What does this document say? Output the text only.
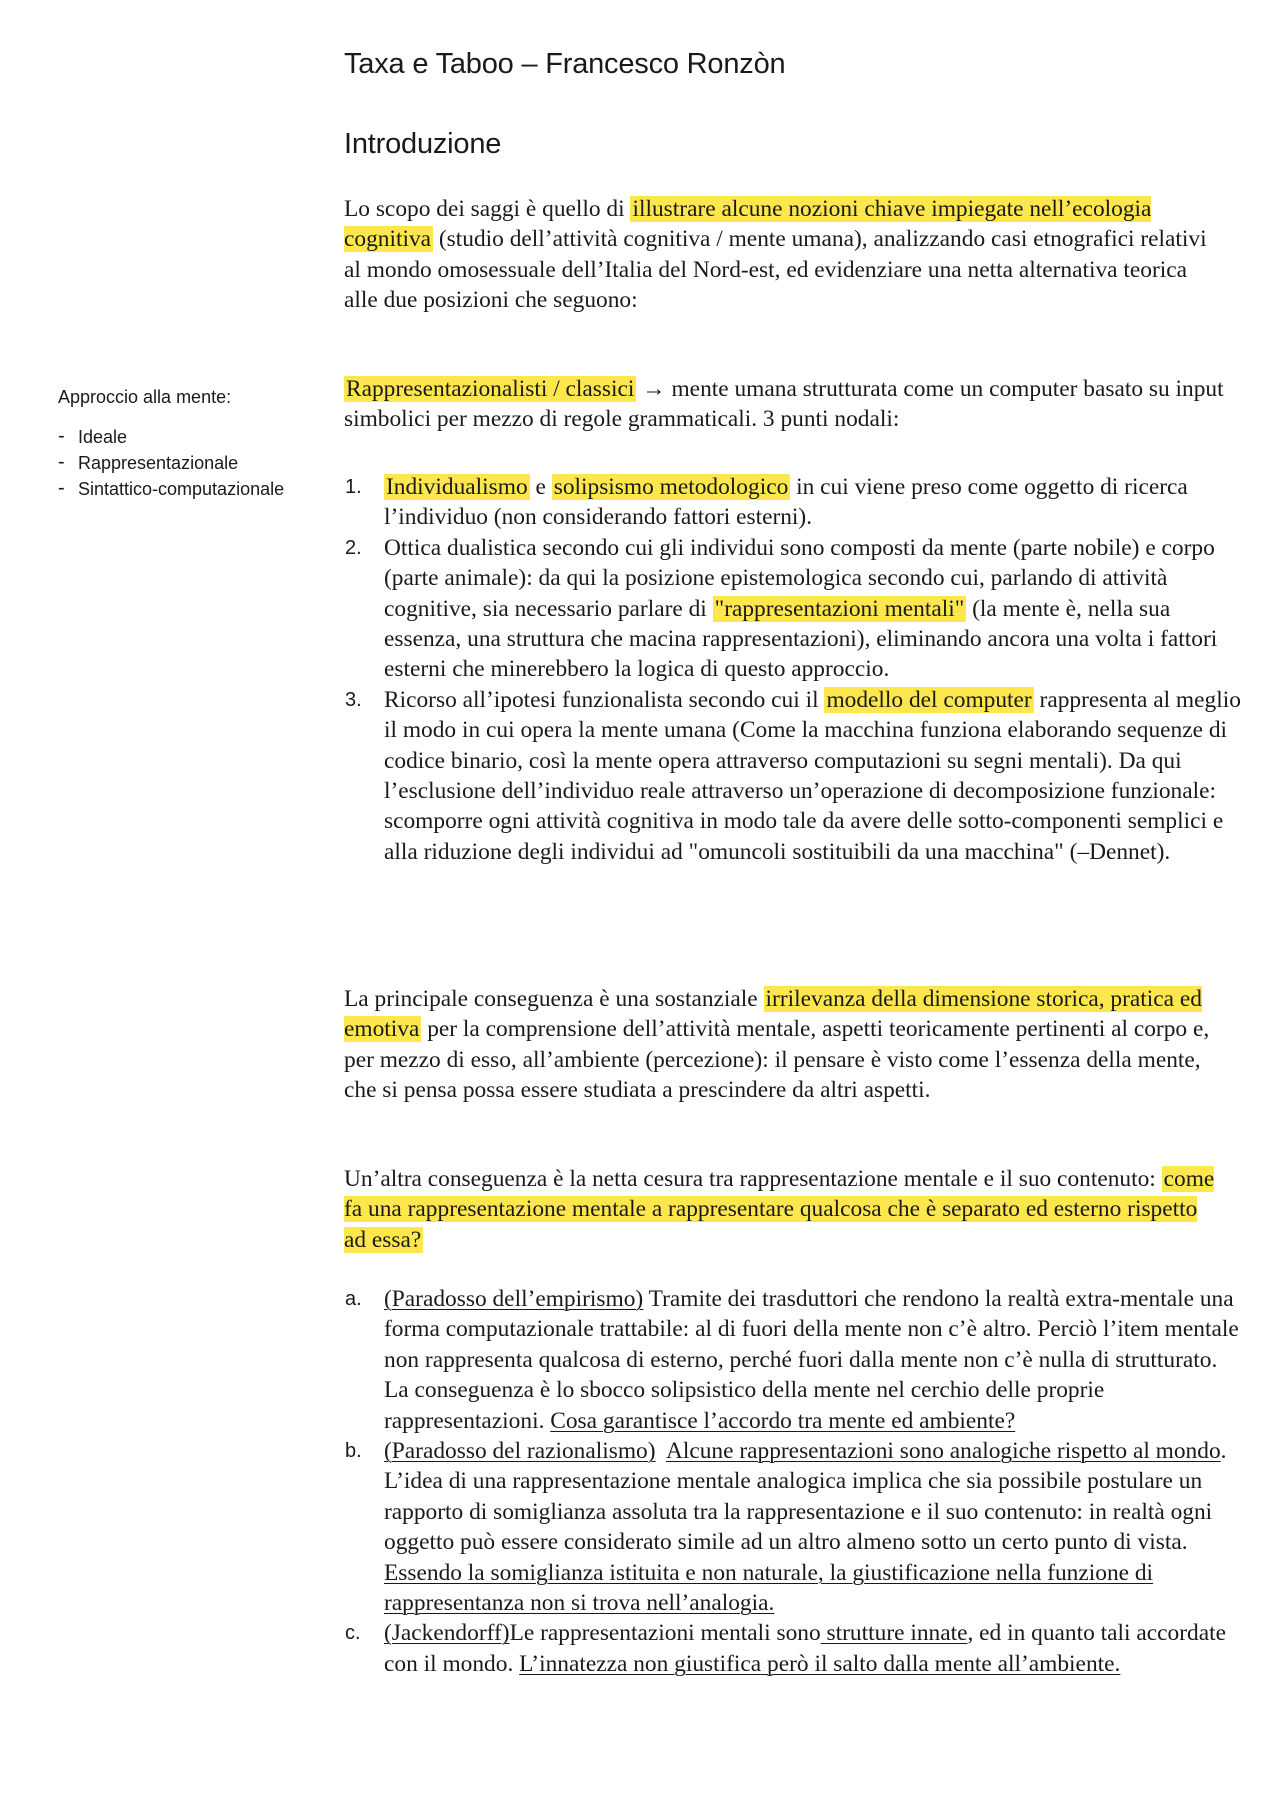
Taxa e Taboo – Francesco Ronzòn
Introduzione
Approccio alla mente:
- Ideale
- Rappresentazionale
- Sintattico-computazionale

Lo scopo dei saggi è quello di illustrare alcune nozioni chiave impiegate nell’ecologia cognitiva (studio dell’attività cognitiva / mente umana), analizzando casi etnografici relativi al mondo omosessuale dell’Italia del Nord-est, ed evidenziare una netta alternativa teorica alle due posizioni che seguono:

Rappresentazionalisti / classici → mente umana strutturata come un computer basato su input simbolici per mezzo di regole grammaticali. 3 punti nodali:

1. Individualismo e solipsismo metodologico in cui viene preso come oggetto di ricerca l’individuo (non considerando fattori esterni).
2. Ottica dualistica secondo cui gli individui sono composti da mente (parte nobile) e corpo (parte animale): da qui la posizione epistemologica secondo cui, parlando di attività cognitive, sia necessario parlare di "rappresentazioni mentali" (la mente è, nella sua essenza, una struttura che macina rappresentazioni), eliminando ancora una volta i fattori esterni che minerebbero la logica di questo approccio.
3. Ricorso all’ipotesi funzionalista secondo cui il modello del computer rappresenta al meglio il modo in cui opera la mente umana (Come la macchina funziona elaborando sequenze di codice binario, così la mente opera attraverso computazioni su segni mentali). Da qui l’esclusione dell’individuo reale attraverso un’operazione di decomposizione funzionale: scomporre ogni attività cognitiva in modo tale da avere delle sotto-componenti semplici e alla riduzione degli individui ad "omuncoli sostituibili da una macchina" (–Dennet).

La principale conseguenza è una sostanziale irrilevanza della dimensione storica, pratica ed emotiva per la comprensione dell’attività mentale, aspetti teoricamente pertinenti al corpo e, per mezzo di esso, all’ambiente (percezione): il pensare è visto come l’essenza della mente, che si pensa possa essere studiata a prescindere da altri aspetti.

Un’altra conseguenza è la netta cesura tra rappresentazione mentale e il suo contenuto: come fa una rappresentazione mentale a rappresentare qualcosa che è separato ed esterno rispetto ad essa?

a. (Paradosso dell’empirismo) Tramite dei trasduttori che rendono la realtà extra-mentale una forma computazionale trattabile: al di fuori della mente non c’è altro. Perciò l’item mentale non rappresenta qualcosa di esterno, perché fuori dalla mente non c’è nulla di strutturato. La conseguenza è lo sbocco solipsistico della mente nel cerchio delle proprie rappresentazioni. Cosa garantisce l’accordo tra mente ed ambiente?
b. (Paradosso del razionalismo) Alcune rappresentazioni sono analogiche rispetto al mondo. L’idea di una rappresentazione mentale analogica implica che sia possibile postulare un rapporto di somiglianza assoluta tra la rappresentazione e il suo contenuto: in realtà ogni oggetto può essere considerato simile ad un altro almeno sotto un certo punto di vista. Essendo la somiglianza istituita e non naturale, la giustificazione nella funzione di rappresentanza non si trova nell’analogia.
c. (Jackendorff)Le rappresentazioni mentali sono strutture innate, ed in quanto tali accordate con il mondo. L’innatezza non giustifica però il salto dalla mente all’ambiente.
